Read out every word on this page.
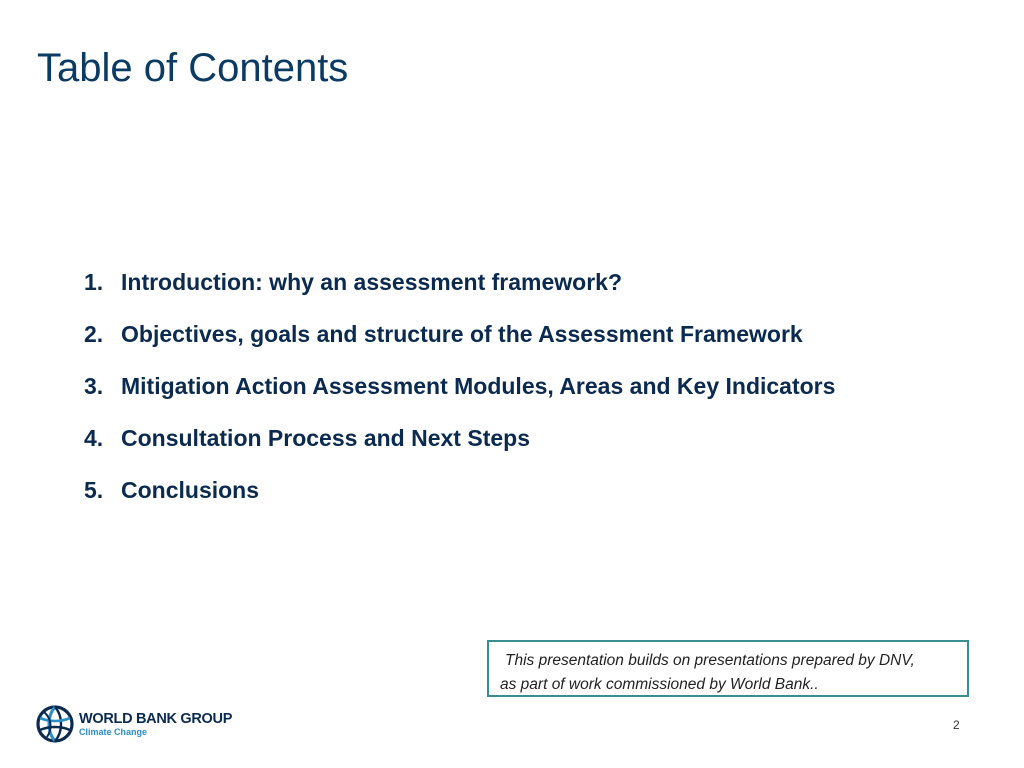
Table of Contents
1. Introduction: why an assessment framework?
2. Objectives, goals and structure of the Assessment Framework
3. Mitigation Action Assessment Modules, Areas and Key Indicators
4. Consultation Process and Next Steps
5. Conclusions
This presentation builds on presentations prepared by DNV,
as part of work commissioned by World Bank..
WORLD BANK GROUP
Climate Change	2
